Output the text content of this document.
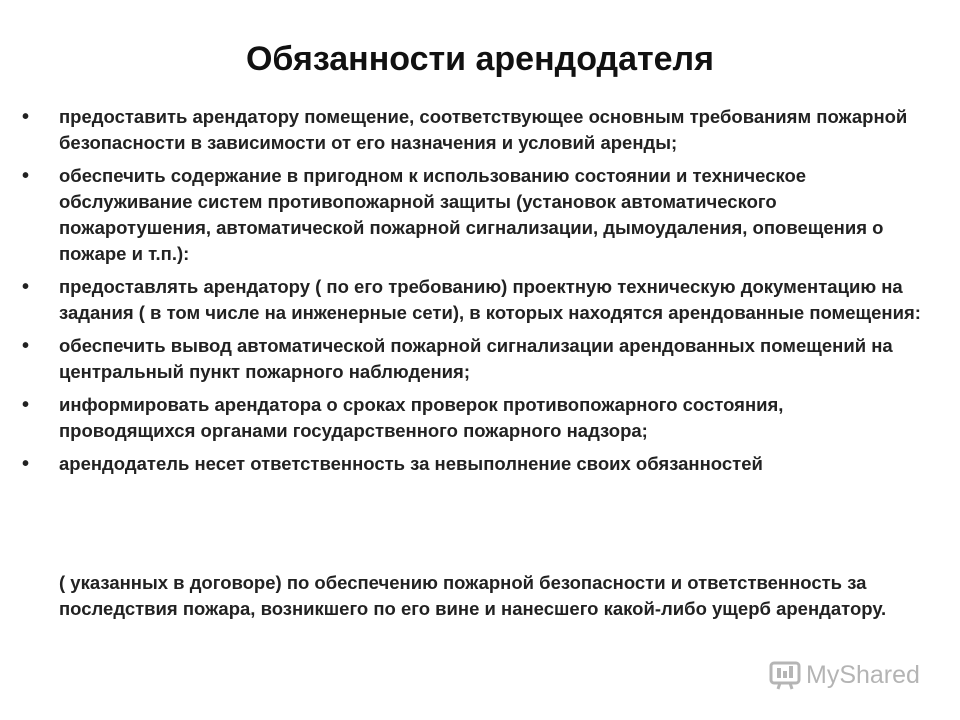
Обязанности арендодателя
•	предоставить арендатору помещение, соответствующее основным требованиям пожарной безопасности в зависимости от его назначения и условий аренды;
•	обеспечить содержание в пригодном к использованию состоянии и техническое обслуживание систем противопожарной защиты (установок автоматического пожаротушения, автоматической пожарной сигнализации, дымоудаления, оповещения о пожаре и т.п.):
•	предоставлять арендатору ( по его требованию) проектную техническую документацию на задания ( в том числе на инженерные сети), в которых находятся арендованные помещения:
•	обеспечить вывод автоматической пожарной сигнализации арендованных помещений на центральный пункт пожарного наблюдения;
•	информировать арендатора о сроках проверок противопожарного состояния, проводящихся органами государственного пожарного надзора;
•	арендодатель несет ответственность за невыполнение своих обязанностей

( указанных в договоре) по обеспечению пожарной безопасности и ответственность за последствия пожара, возникшего по его вине и нанесшего какой-либо ущерб арендатору.

MyShared
